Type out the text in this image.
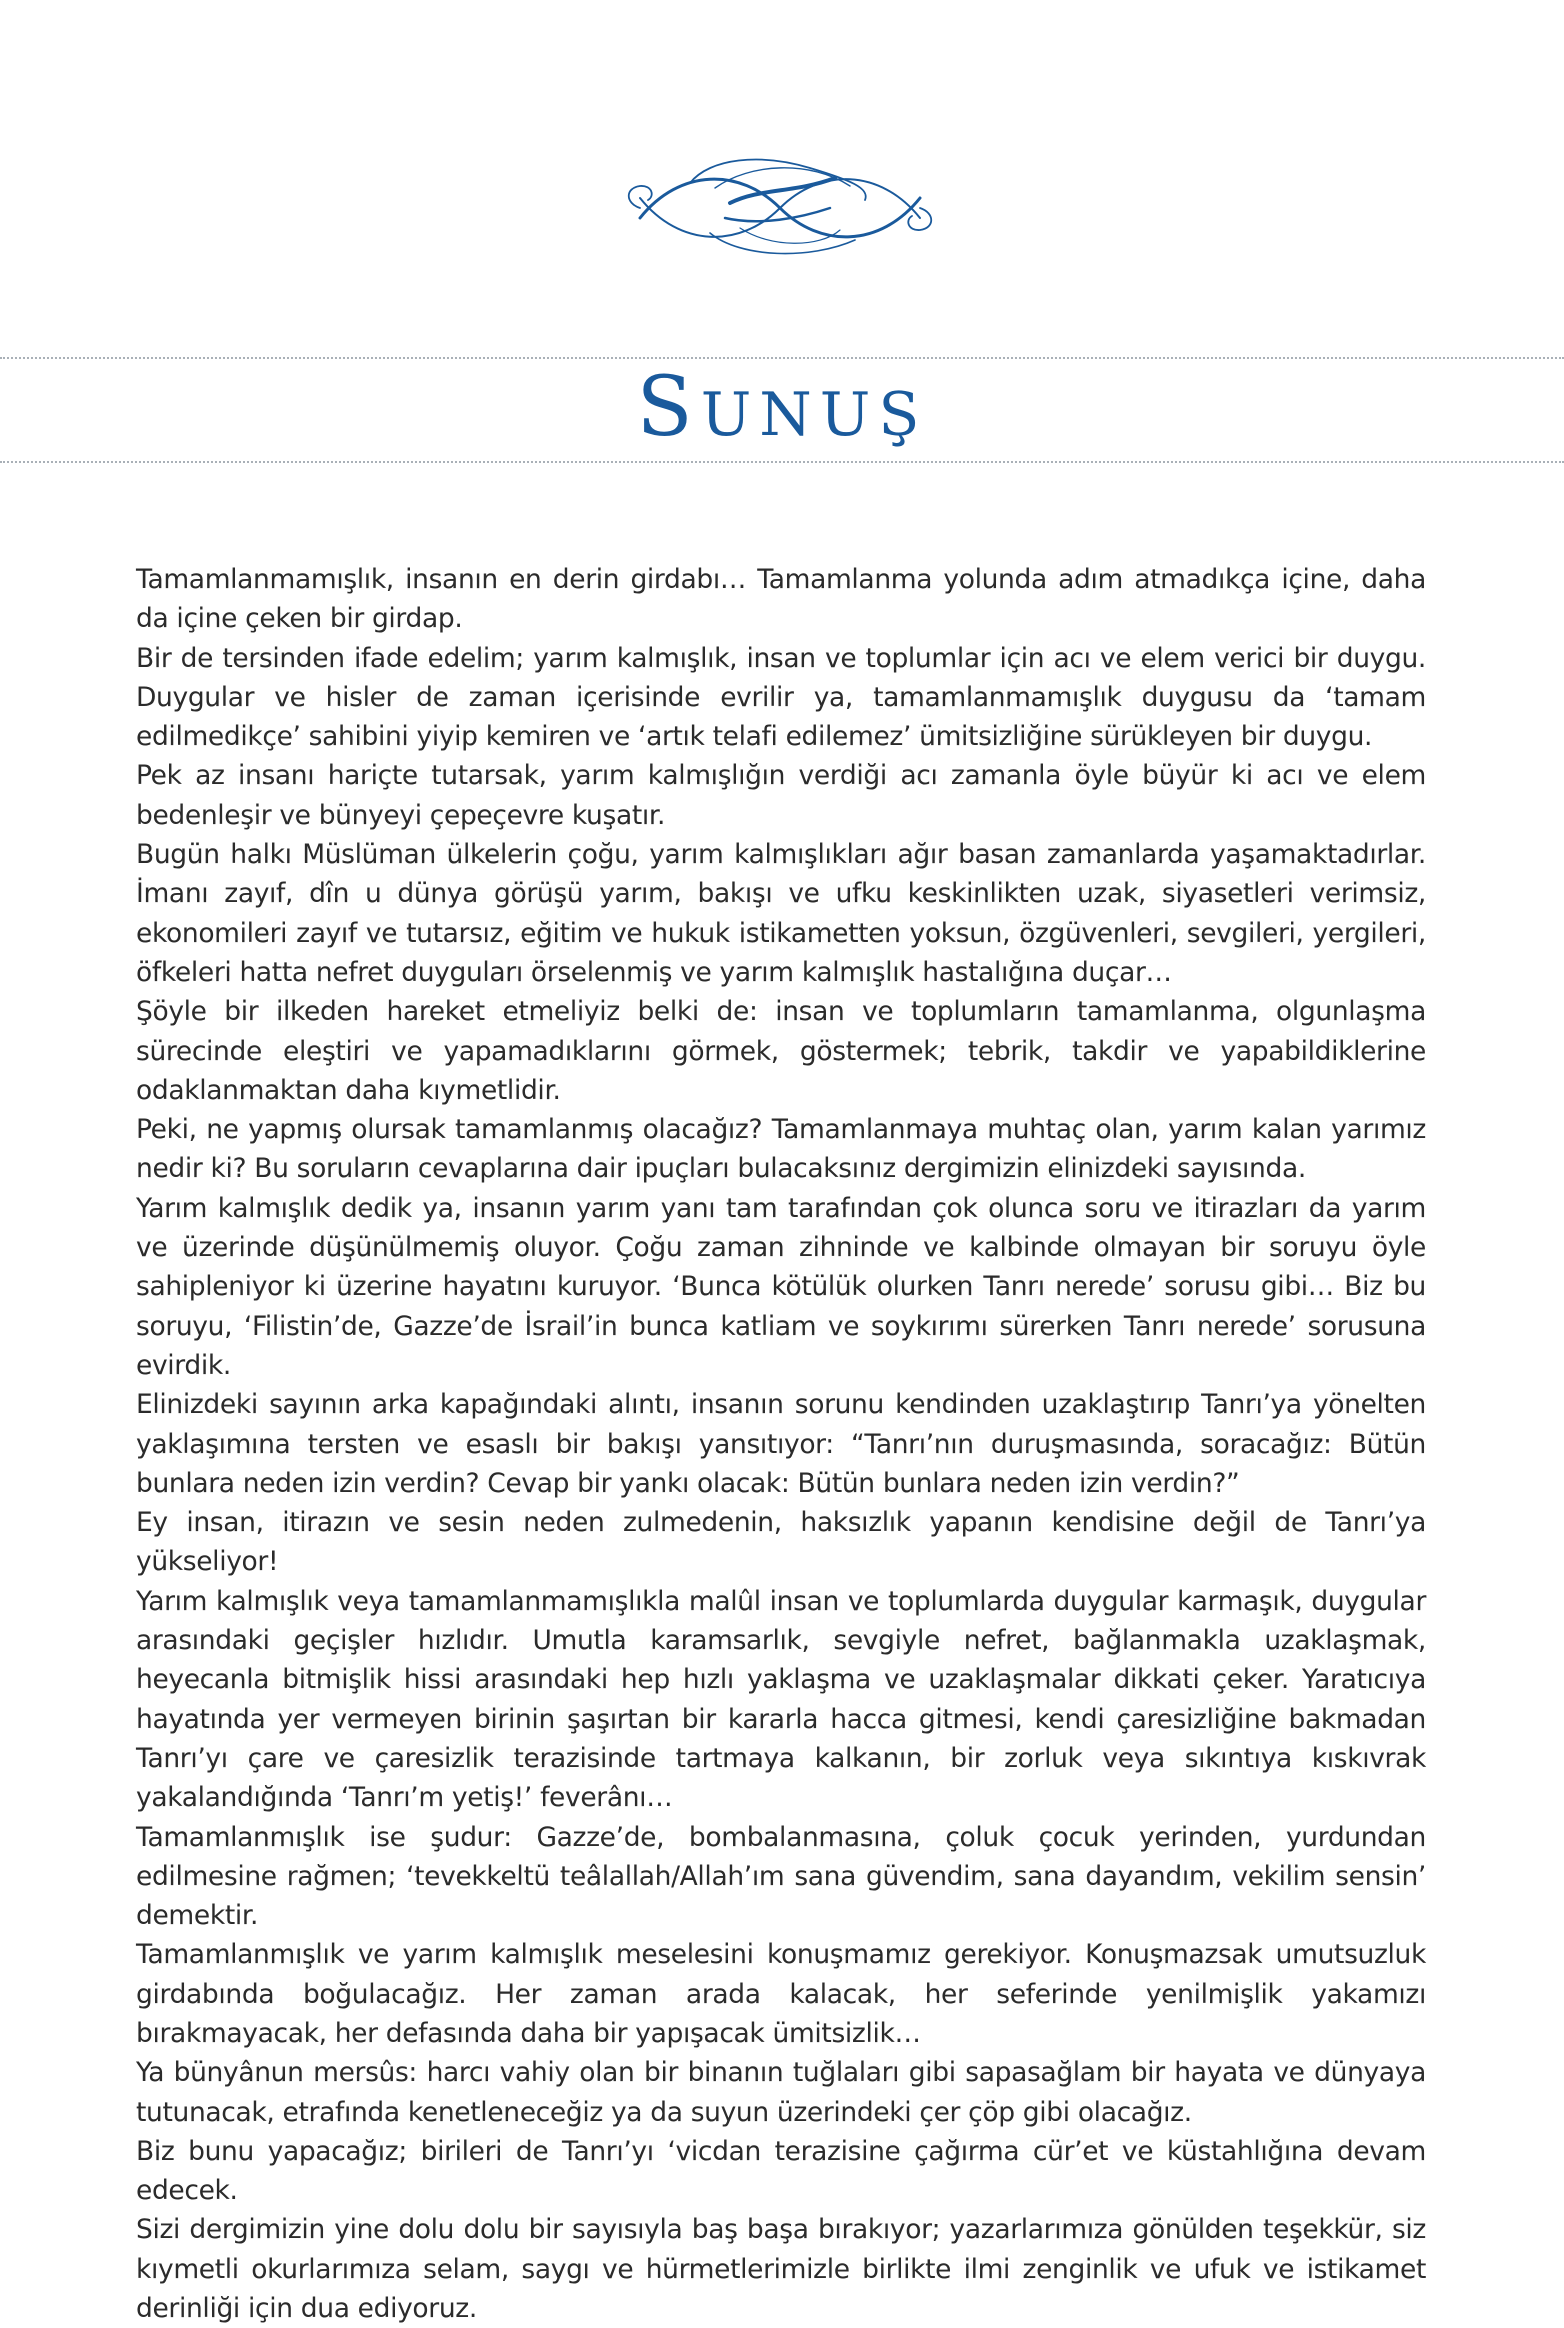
SUNUŞ

Tamamlanmamışlık, insanın en derin girdabı… Tamamlanma yolunda adım atmadıkça içine, daha da içine çeken bir girdap.

Bir de tersinden ifade edelim; yarım kalmışlık, insan ve toplumlar için acı ve elem verici bir duygu. Duygular ve hisler de zaman içerisinde evrilir ya, tamamlanmamışlık duygusu da ‘tamam edilmedikçe’ sahibini yiyip kemiren ve ‘artık telafi edilemez’ ümitsizliğine sürükleyen bir duygu.

Pek az insanı hariçte tutarsak, yarım kalmışlığın verdiği acı zamanla öyle büyür ki acı ve elem bedenleşir ve bünyeyi çepeçevre kuşatır.

Bugün halkı Müslüman ülkelerin çoğu, yarım kalmışlıkları ağır basan zamanlarda yaşamaktadırlar. İmanı zayıf, dîn u dünya görüşü yarım, bakışı ve ufku keskinlikten uzak, siyasetleri verimsiz, ekonomileri zayıf ve tutarsız, eğitim ve hukuk istikametten yoksun, özgüvenleri, sevgileri, yergileri, öfkeleri hatta nefret duyguları örselenmiş ve yarım kalmışlık hastalığına duçar…

Şöyle bir ilkeden hareket etmeliyiz belki de: insan ve toplumların tamamlanma, olgunlaşma sürecinde eleştiri ve yapamadıklarını görmek, göstermek; tebrik, takdir ve yapabildiklerine odaklanmaktan daha kıymetlidir.

Peki, ne yapmış olursak tamamlanmış olacağız? Tamamlanmaya muhtaç olan, yarım kalan yarımız nedir ki? Bu soruların cevaplarına dair ipuçları bulacaksınız dergimizin elinizdeki sayısında.

Yarım kalmışlık dedik ya, insanın yarım yanı tam tarafından çok olunca soru ve itirazları da yarım ve üzerinde düşünülmemiş oluyor. Çoğu zaman zihninde ve kalbinde olmayan bir soruyu öyle sahipleniyor ki üzerine hayatını kuruyor. ‘Bunca kötülük olurken Tanrı nerede’ sorusu gibi… Biz bu soruyu, ‘Filistin’de, Gazze’de İsrail’in bunca katliam ve soykırımı sürerken Tanrı nerede’ sorusuna evirdik.

Elinizdeki sayının arka kapağındaki alıntı, insanın sorunu kendinden uzaklaştırıp Tanrı’ya yönelten yaklaşımına tersten ve esaslı bir bakışı yansıtıyor: “Tanrı’nın duruşmasında, soracağız: Bütün bunlara neden izin verdin? Cevap bir yankı olacak: Bütün bunlara neden izin verdin?”

Ey insan, itirazın ve sesin neden zulmedenin, haksızlık yapanın kendisine değil de Tanrı’ya yükseliyor!

Yarım kalmışlık veya tamamlanmamışlıkla malûl insan ve toplumlarda duygular karmaşık, duygular arasındaki geçişler hızlıdır. Umutla karamsarlık, sevgiyle nefret, bağlanmakla uzaklaşmak, heyecanla bitmişlik hissi arasındaki hep hızlı yaklaşma ve uzaklaşmalar dikkati çeker. Yaratıcıya hayatında yer vermeyen birinin şaşırtan bir kararla hacca gitmesi, kendi çaresizliğine bakmadan Tanrı’yı çare ve çaresizlik terazisinde tartmaya kalkanın, bir zorluk veya sıkıntıya kıskıvrak yakalandığında ‘Tanrı’m yetiş!’ feverânı…

Tamamlanmışlık ise şudur: Gazze’de, bombalanmasına, çoluk çocuk yerinden, yurdundan edilmesine rağmen; ‘tevekkeltü teâlallah/Allah’ım sana güvendim, sana dayandım, vekilim sensin’ demektir.

Tamamlanmışlık ve yarım kalmışlık meselesini konuşmamız gerekiyor. Konuşmazsak umutsuzluk girdabında boğulacağız. Her zaman arada kalacak, her seferinde yenilmişlik yakamızı bırakmayacak, her defasında daha bir yapışacak ümitsizlik…

Ya bünyânun mersûs: harcı vahiy olan bir binanın tuğlaları gibi sapasağlam bir hayata ve dünyaya tutunacak, etrafında kenetleneceğiz ya da suyun üzerindeki çer çöp gibi olacağız.

Biz bunu yapacağız; birileri de Tanrı’yı ‘vicdan terazisine çağırma cür’et ve küstahlığına devam edecek.

Sizi dergimizin yine dolu dolu bir sayısıyla baş başa bırakıyor; yazarlarımıza gönülden teşekkür, siz kıymetli okurlarımıza selam, saygı ve hürmetlerimizle birlikte ilmi zenginlik ve ufuk ve istikamet derinliği için dua ediyoruz.
